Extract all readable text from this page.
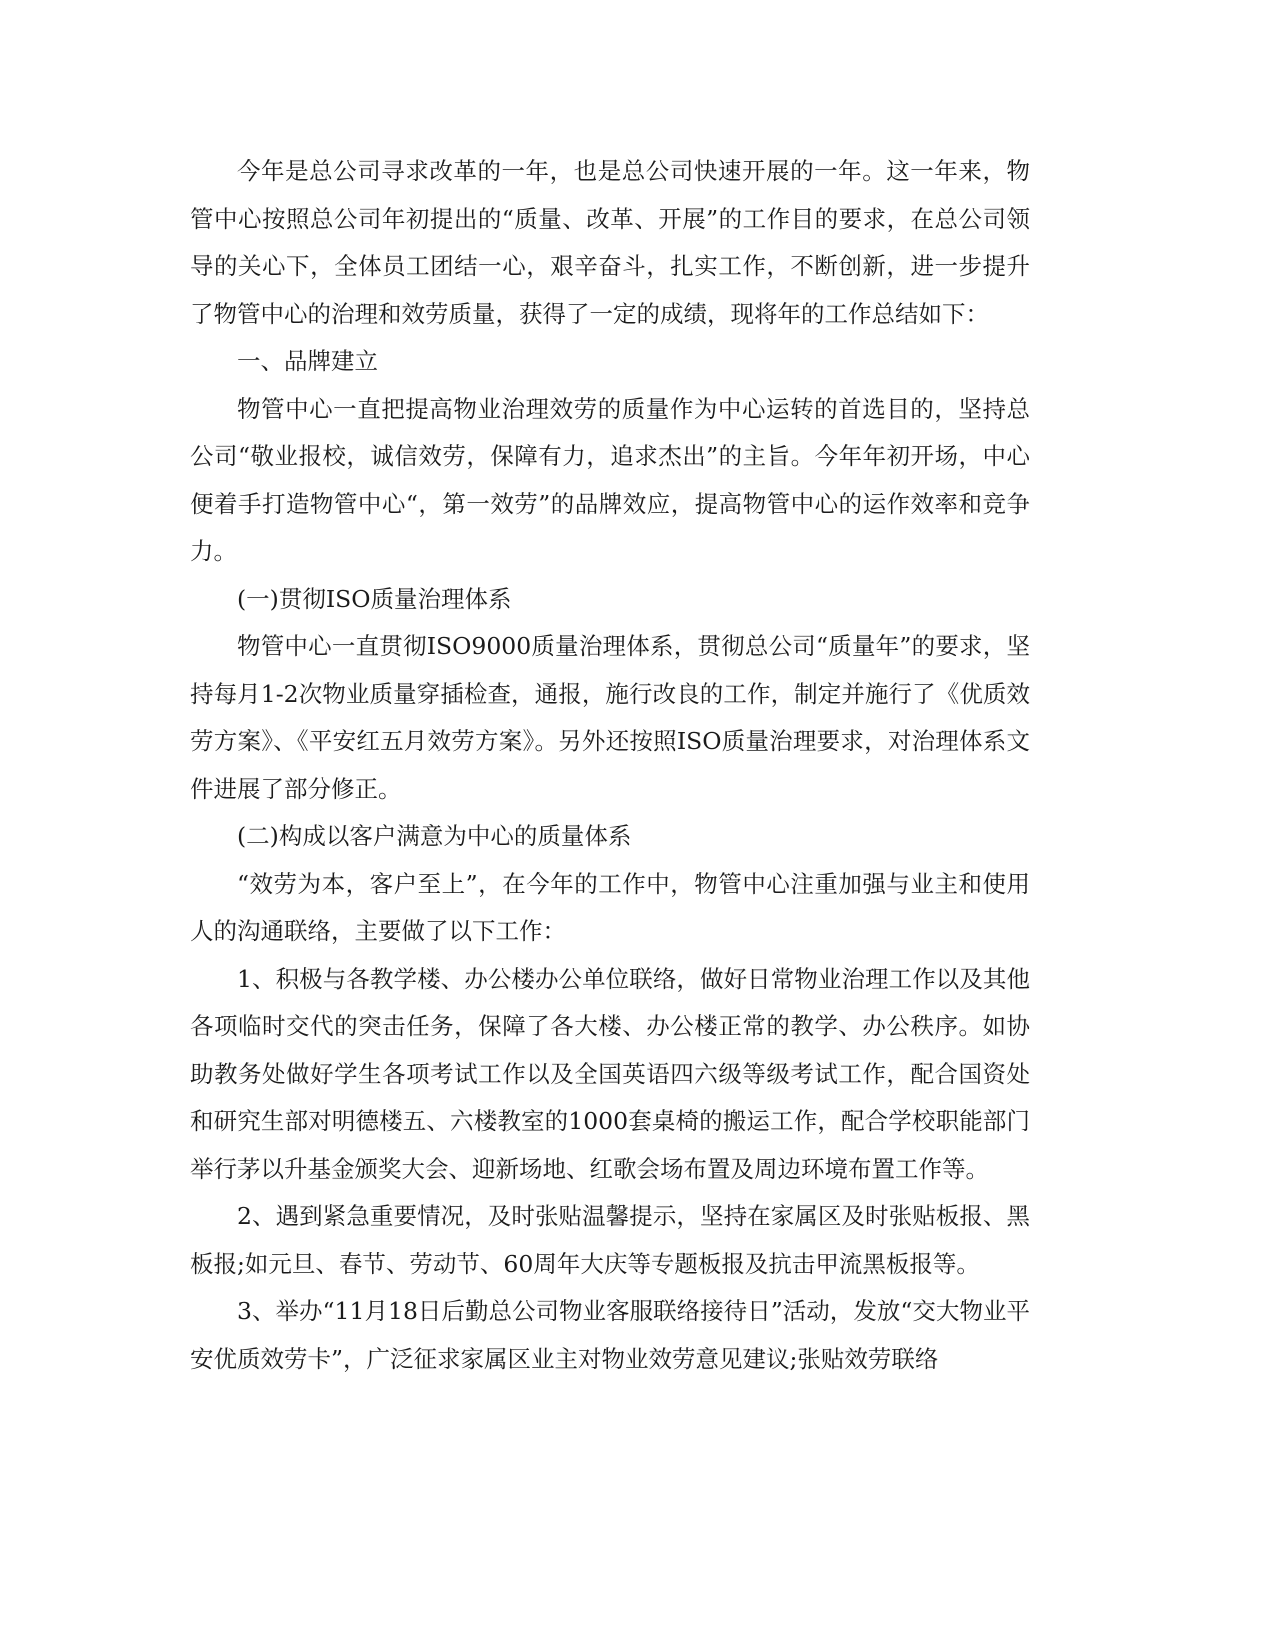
今年是总公司寻求改革的一年，也是总公司快速开展的一年。这一年来，物管中心按照总公司年初提出的“质量、改革、开展”的工作目的要求，在总公司领导的关心下，全体员工团结一心，艰辛奋斗，扎实工作，不断创新，进一步提升了物管中心的治理和效劳质量，获得了一定的成绩，现将年的工作总结如下：

一、品牌建立

物管中心一直把提高物业治理效劳的质量作为中心运转的首选目的，坚持总公司“敬业报校，诚信效劳，保障有力，追求杰出”的主旨。今年年初开场，中心便着手打造物管中心“，第一效劳”的品牌效应，提高物管中心的运作效率和竞争力。

(一)贯彻ISO质量治理体系

物管中心一直贯彻ISO9000质量治理体系，贯彻总公司“质量年”的要求，坚持每月1-2次物业质量穿插检查，通报，施行改良的工作，制定并施行了《优质效劳方案》、《平安红五月效劳方案》。另外还按照ISO质量治理要求，对治理体系文件进展了部分修正。

(二)构成以客户满意为中心的质量体系

“效劳为本，客户至上”，在今年的工作中，物管中心注重加强与业主和使用人的沟通联络，主要做了以下工作：

1、积极与各教学楼、办公楼办公单位联络，做好日常物业治理工作以及其他各项临时交代的突击任务，保障了各大楼、办公楼正常的教学、办公秩序。如协助教务处做好学生各项考试工作以及全国英语四六级等级考试工作，配合国资处和研究生部对明德楼五、六楼教室的1000套桌椅的搬运工作，配合学校职能部门举行茅以升基金颁奖大会、迎新场地、红歌会场布置及周边环境布置工作等。

2、遇到紧急重要情况，及时张贴温馨提示，坚持在家属区及时张贴板报、黑板报;如元旦、春节、劳动节、60周年大庆等专题板报及抗击甲流黑板报等。

3、举办“11月18日后勤总公司物业客服联络接待日”活动，发放“交大物业平安优质效劳卡”，广泛征求家属区业主对物业效劳意见建议;张贴效劳联络
